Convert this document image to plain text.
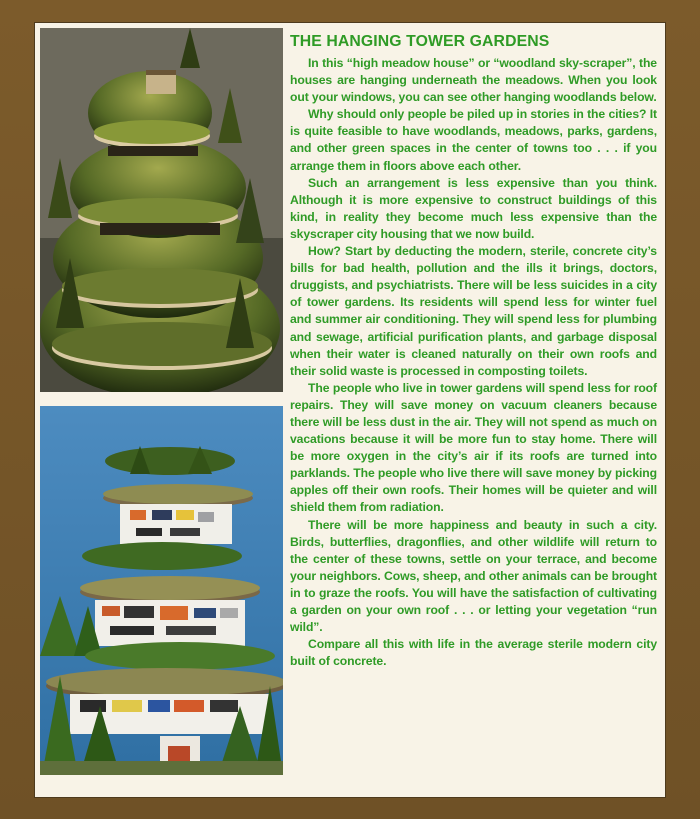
THE HANGING TOWER GARDENS

In this “high meadow house” or “woodland sky-scraper”, the houses are hanging underneath the meadows. When you look out your windows, you can see other hanging woodlands below.

Why should only people be piled up in stories in the cities? It is quite feasible to have woodlands, meadows, parks, gardens, and other green spaces in the center of towns too . . . if you arrange them in floors above each other.

Such an arrangement is less expensive than you think. Although it is more expensive to construct buildings of this kind, in reality they become much less expensive than the skyscraper city housing that we now build.

How? Start by deducting the modern, sterile, concrete city’s bills for bad health, pollution and the ills it brings, doctors, druggists, and psychiatrists. There will be less suicides in a city of tower gardens. Its residents will spend less for winter fuel and summer air conditioning. They will spend less for plumbing and sewage, artificial purification plants, and garbage disposal when their water is cleaned naturally on their own roofs and their solid waste is processed in composting toilets.

The people who live in tower gardens will spend less for roof repairs. They will save money on vacuum cleaners because there will be less dust in the air. They will not spend as much on vacations because it will be more fun to stay home. There will be more oxygen in the city’s air if its roofs are turned into parklands. The people who live there will save money by picking apples off their own roofs. Their homes will be quieter and will shield them from radiation.

There will be more happiness and beauty in such a city. Birds, butterflies, dragonflies, and other wildlife will return to the center of these towns, settle on your terrace, and become your neighbors. Cows, sheep, and other animals can be brought in to graze the roofs. You will have the satisfaction of cultivating a garden on your own roof . . . or letting your vegetation “run wild”.

Compare all this with life in the average sterile modern city built of concrete.
